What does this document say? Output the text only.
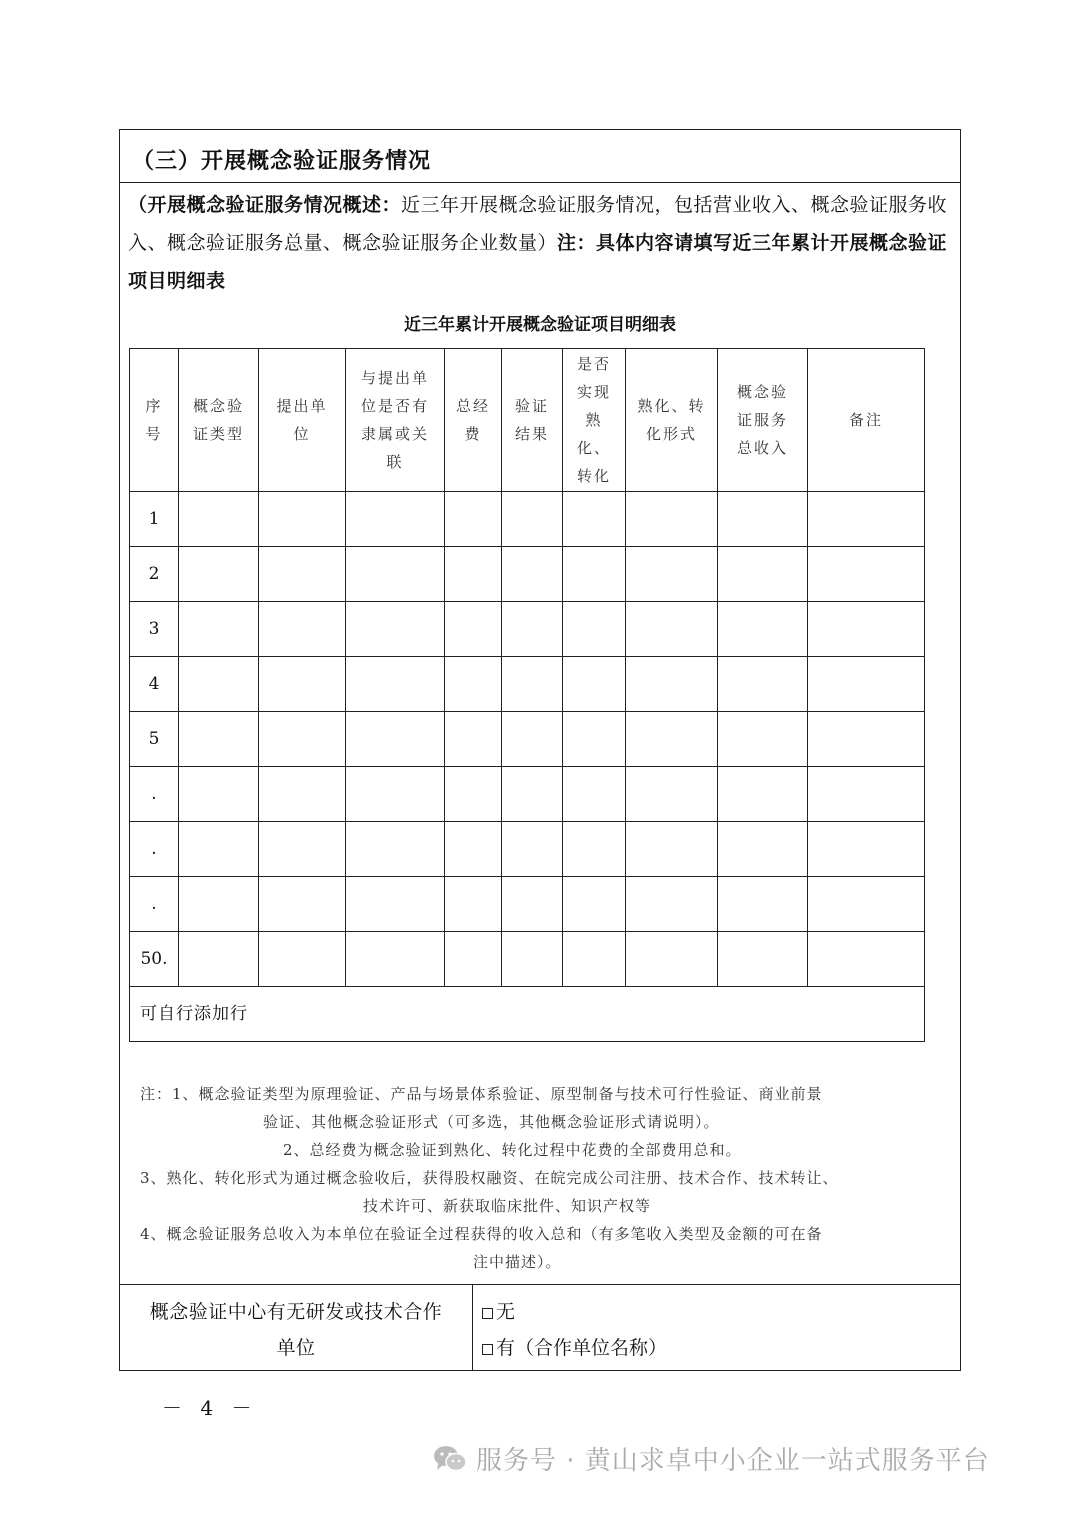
（三）开展概念验证服务情况
（开展概念验证服务情况概述：近三年开展概念验证服务情况，包括营业收入、概念验证服务收入、概念验证服务总量、概念验证服务企业数量）注：具体内容请填写近三年累计开展概念验证项目明细表
近三年累计开展概念验证项目明细表
序号	概念验证类型	提出单位	与提出单位是否有隶属或关联	总经费	验证结果	是否实现熟化、转化	熟化、转化形式	概念验证服务总收入	备注
1									
2									
3									
4									
5									
.									
.									
.									
50.									
可自行添加行									
注：1、概念验证类型为原理验证、产品与场景体系验证、原型制备与技术可行性验证、商业前景
验证、其他概念验证形式（可多选，其他概念验证形式请说明）。
2、总经费为概念验证到熟化、转化过程中花费的全部费用总和。
3、熟化、转化形式为通过概念验收后，获得股权融资、在皖完成公司注册、技术合作、技术转让、
技术许可、新获取临床批件、知识产权等
4、概念验证服务总收入为本单位在验证全过程获得的收入总和（有多笔收入类型及金额的可在备
注中描述）。
概念验证中心有无研发或技术合作
单位
无
有（合作单位名称）
－ 4 －
服务号 · 黄山求卓中小企业一站式服务平台
